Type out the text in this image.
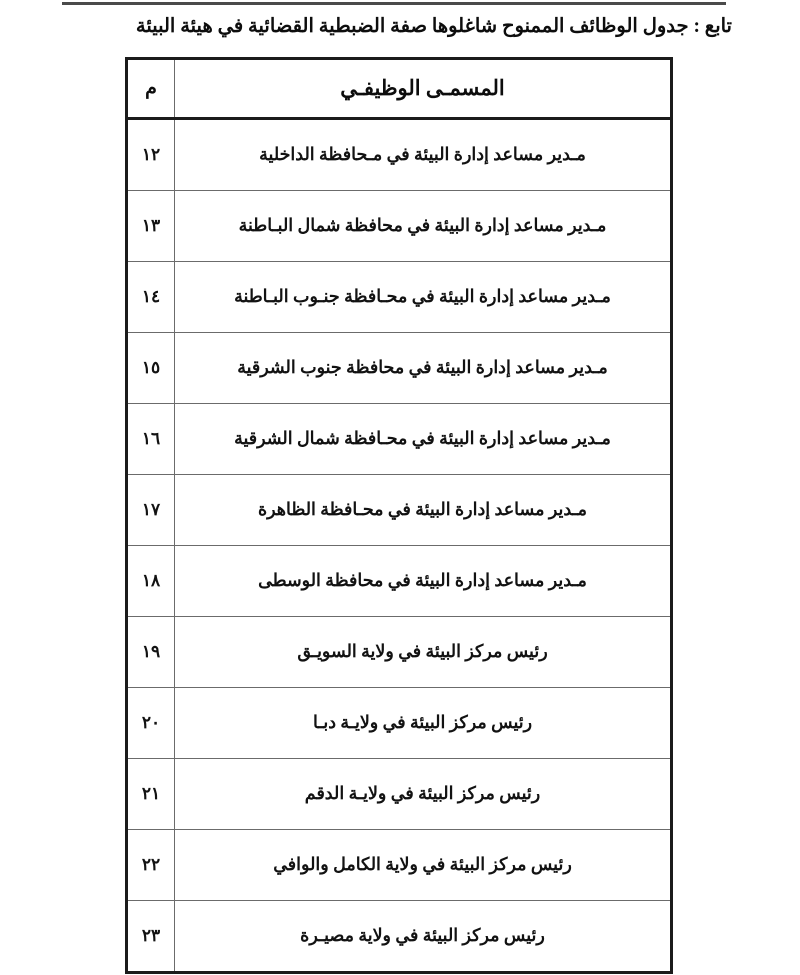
تابع : جدول الوظائف الممنوح شاغلوها صفة الضبطية القضائية في هيئة البيئة
المسمـى الوظيفـي	م
مـدير مساعد إدارة البيئة في مـحافظة الداخلية	١٢
مـدير مساعد إدارة البيئة في محافظة شمال البـاطنة	١٣
مـدير مساعد إدارة البيئة في محـافظة جنـوب البـاطنة	١٤
مـدير مساعد إدارة البيئة في محافظة جنوب الشرقية	١٥
مـدير مساعد إدارة البيئة في محـافظة شمال الشرقية	١٦
مـدير مساعد إدارة البيئة في محـافظة الظاهرة	١٧
مـدير مساعد إدارة البيئة في محافظة الوسطى	١٨
رئيس مركز البيئة في ولاية السويـق	١٩
رئيس مركز البيئة في ولايـة دبـا	٢٠
رئيس مركز البيئة في ولايـة الدقم	٢١
رئيس مركز البيئة في ولاية الكامل والوافي	٢٢
رئيس مركز البيئة في ولاية مصيـرة	٢٣
